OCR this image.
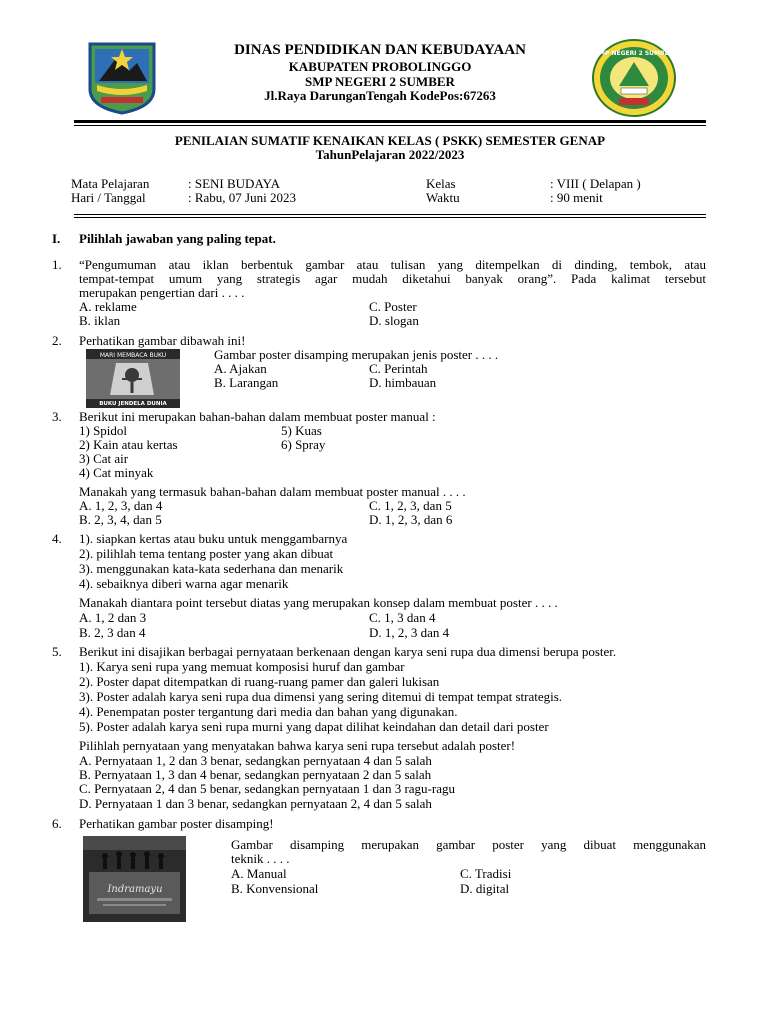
SMP NEGERI 2 SUMBER
DINAS PENDIDIKAN DAN KEBUDAYAAN
KABUPATEN PROBOLINGGO
SMP NEGERI 2 SUMBER
Jl.Raya DarunganTengah KodePos:67263
PENILAIAN SUMATIF KENAIKAN KELAS ( PSKK) SEMESTER GENAP
TahunPelajaran 2022/2023
Mata Pelajaran	: SENI BUDAYA	Kelas	: VIII ( Delapan )
Hari / Tanggal	: Rabu, 07 Juni 2023	Waktu	: 90 menit
I. Pilihlah jawaban yang paling tepat.
1. “Pengumuman atau iklan berbentuk gambar atau tulisan yang ditempelkan di dinding, tembok, atau
tempat-tempat umum yang strategis agar mudah diketahui banyak orang”. Pada kalimat tersebut
merupakan pengertian dari . . . .
A. reklame	C. Poster
B. iklan	D. slogan
2. Perhatikan gambar dibawah ini!
MARI MEMBACA BUKU
BUKU JENDELA DUNIA
Gambar poster disamping merupakan jenis poster . . . .
A. Ajakan	C. Perintah
B. Larangan	D. himbauan
3. Berikut ini merupakan bahan-bahan dalam membuat poster manual :
1) Spidol	5) Kuas
2) Kain atau kertas	6) Spray
3) Cat air
4) Cat minyak
Manakah yang termasuk bahan-bahan dalam membuat poster manual . . . .
A. 1, 2, 3, dan 4	C. 1, 2, 3, dan 5
B. 2, 3, 4, dan 5	D. 1, 2, 3, dan 6
4. 1). siapkan kertas atau buku untuk menggambarnya
2). pilihlah tema tentang poster yang akan dibuat
3). menggunakan kata-kata sederhana dan menarik
4). sebaiknya diberi warna agar menarik
Manakah diantara point tersebut diatas yang merupakan konsep dalam membuat poster . . . .
A. 1, 2 dan 3	C. 1, 3 dan 4
B. 2, 3 dan 4	D. 1, 2, 3 dan 4
5. Berikut ini disajikan berbagai pernyataan berkenaan dengan karya seni rupa dua dimensi berupa poster.
1). Karya seni rupa yang memuat komposisi huruf dan gambar
2). Poster dapat ditempatkan di ruang-ruang pamer dan galeri lukisan
3). Poster adalah karya seni rupa dua dimensi yang sering ditemui di tempat tempat strategis.
4). Penempatan poster tergantung dari media dan bahan yang digunakan.
5). Poster adalah karya seni rupa murni yang dapat dilihat keindahan dan detail dari poster
Pilihlah pernyataan yang menyatakan bahwa karya seni rupa tersebut adalah poster!
A. Pernyataan 1, 2 dan 3 benar, sedangkan pernyataan 4 dan 5 salah
B. Pernyataan 1, 3 dan 4 benar, sedangkan pernyataan 2 dan 5 salah
C. Pernyataan 2, 4 dan 5 benar, sedangkan pernyataan 1 dan 3 ragu-ragu
D. Pernyataan 1 dan 3 benar, sedangkan pernyataan 2, 4 dan 5 salah
6. Perhatikan gambar poster disamping!
Indramayu
Gambar disamping merupakan gambar poster yang dibuat menggunakan
teknik . . . .
A. Manual	C. Tradisi
B. Konvensional	D. digital
